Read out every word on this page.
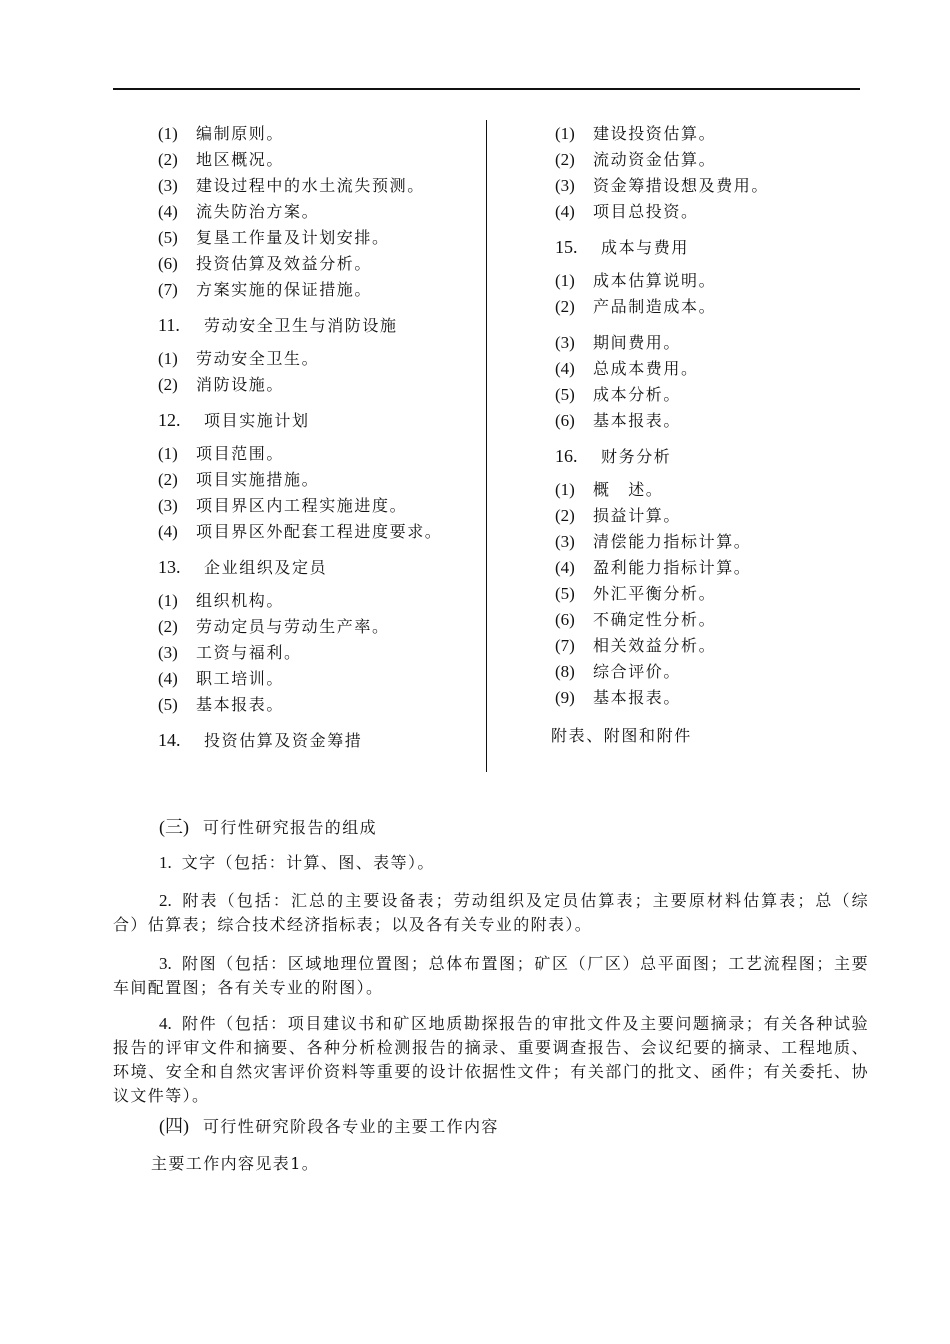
(1) 编制原则。
(2) 地区概况。
(3) 建设过程中的水土流失预测。
(4) 流失防治方案。
(5) 复垦工作量及计划安排。
(6) 投资估算及效益分析。
(7) 方案实施的保证措施。
11. 劳动安全卫生与消防设施
(1) 劳动安全卫生。
(2) 消防设施。
12. 项目实施计划
(1) 项目范围。
(2) 项目实施措施。
(3) 项目界区内工程实施进度。
(4) 项目界区外配套工程进度要求。
13. 企业组织及定员
(1) 组织机构。
(2) 劳动定员与劳动生产率。
(3) 工资与福利。
(4) 职工培训。
(5) 基本报表。
14. 投资估算及资金筹措
(1) 建设投资估算。
(2) 流动资金估算。
(3) 资金筹措设想及费用。
(4) 项目总投资。
15. 成本与费用
(1) 成本估算说明。
(2) 产品制造成本。
(3) 期间费用。
(4) 总成本费用。
(5) 成本分析。
(6) 基本报表。
16. 财务分析
(1) 概　述。
(2) 损益计算。
(3) 清偿能力指标计算。
(4) 盈利能力指标计算。
(5) 外汇平衡分析。
(6) 不确定性分析。
(7) 相关效益分析。
(8) 综合评价。
(9) 基本报表。
附表、附图和附件
(三) 可行性研究报告的组成
1. 文字（包括：计算、图、表等）。
2. 附表（包括：汇总的主要设备表；劳动组织及定员估算表；主要原材料估算表；总（综合）估算表；综合技术经济指标表；以及各有关专业的附表）。
3. 附图（包括：区域地理位置图；总体布置图；矿区（厂区）总平面图；工艺流程图；主要车间配置图；各有关专业的附图）。
4. 附件（包括：项目建议书和矿区地质勘探报告的审批文件及主要问题摘录；有关各种试验报告的评审文件和摘要、各种分析检测报告的摘录、重要调查报告、会议纪要的摘录、工程地质、环境、安全和自然灾害评价资料等重要的设计依据性文件；有关部门的批文、函件；有关委托、协议文件等）。
(四) 可行性研究阶段各专业的主要工作内容
主要工作内容见表1。
